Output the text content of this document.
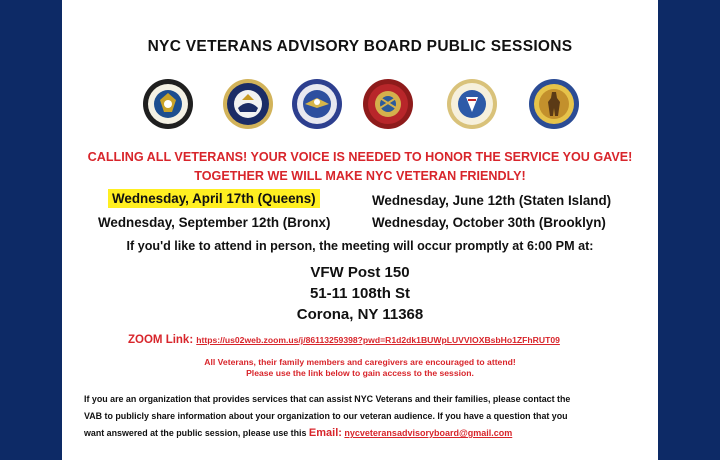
NYC VETERANS ADVISORY BOARD PUBLIC SESSIONS
CALLING ALL VETERANS! YOUR VOICE IS NEEDED TO HONOR THE SERVICE YOU GAVE!
TOGETHER WE WILL MAKE NYC VETERAN FRIENDLY!
Wednesday, April 17th (Queens)	Wednesday, June 12th (Staten Island)
Wednesday, September 12th (Bronx)	Wednesday, October 30th (Brooklyn)
If you'd like to attend in person, the meeting will occur promptly at 6:00 PM at:
VFW Post 150
51-11 108th St
Corona, NY 11368
ZOOM Link: https://us02web.zoom.us/j/86113259398?pwd=R1d2dk1BUWpLUVVlOXBsbHo1ZFhRUT09
All Veterans, their family members and caregivers are encouraged to attend!
Please use the link below to gain access to the session.
If you are an organization that provides services that can assist NYC Veterans and their families, please contact the
VAB to publicly share information about your organization to our veteran audience. If you have a question that you
want answered at the public session, please use this Email: nycveteransadvisoryboard@gmail.com
